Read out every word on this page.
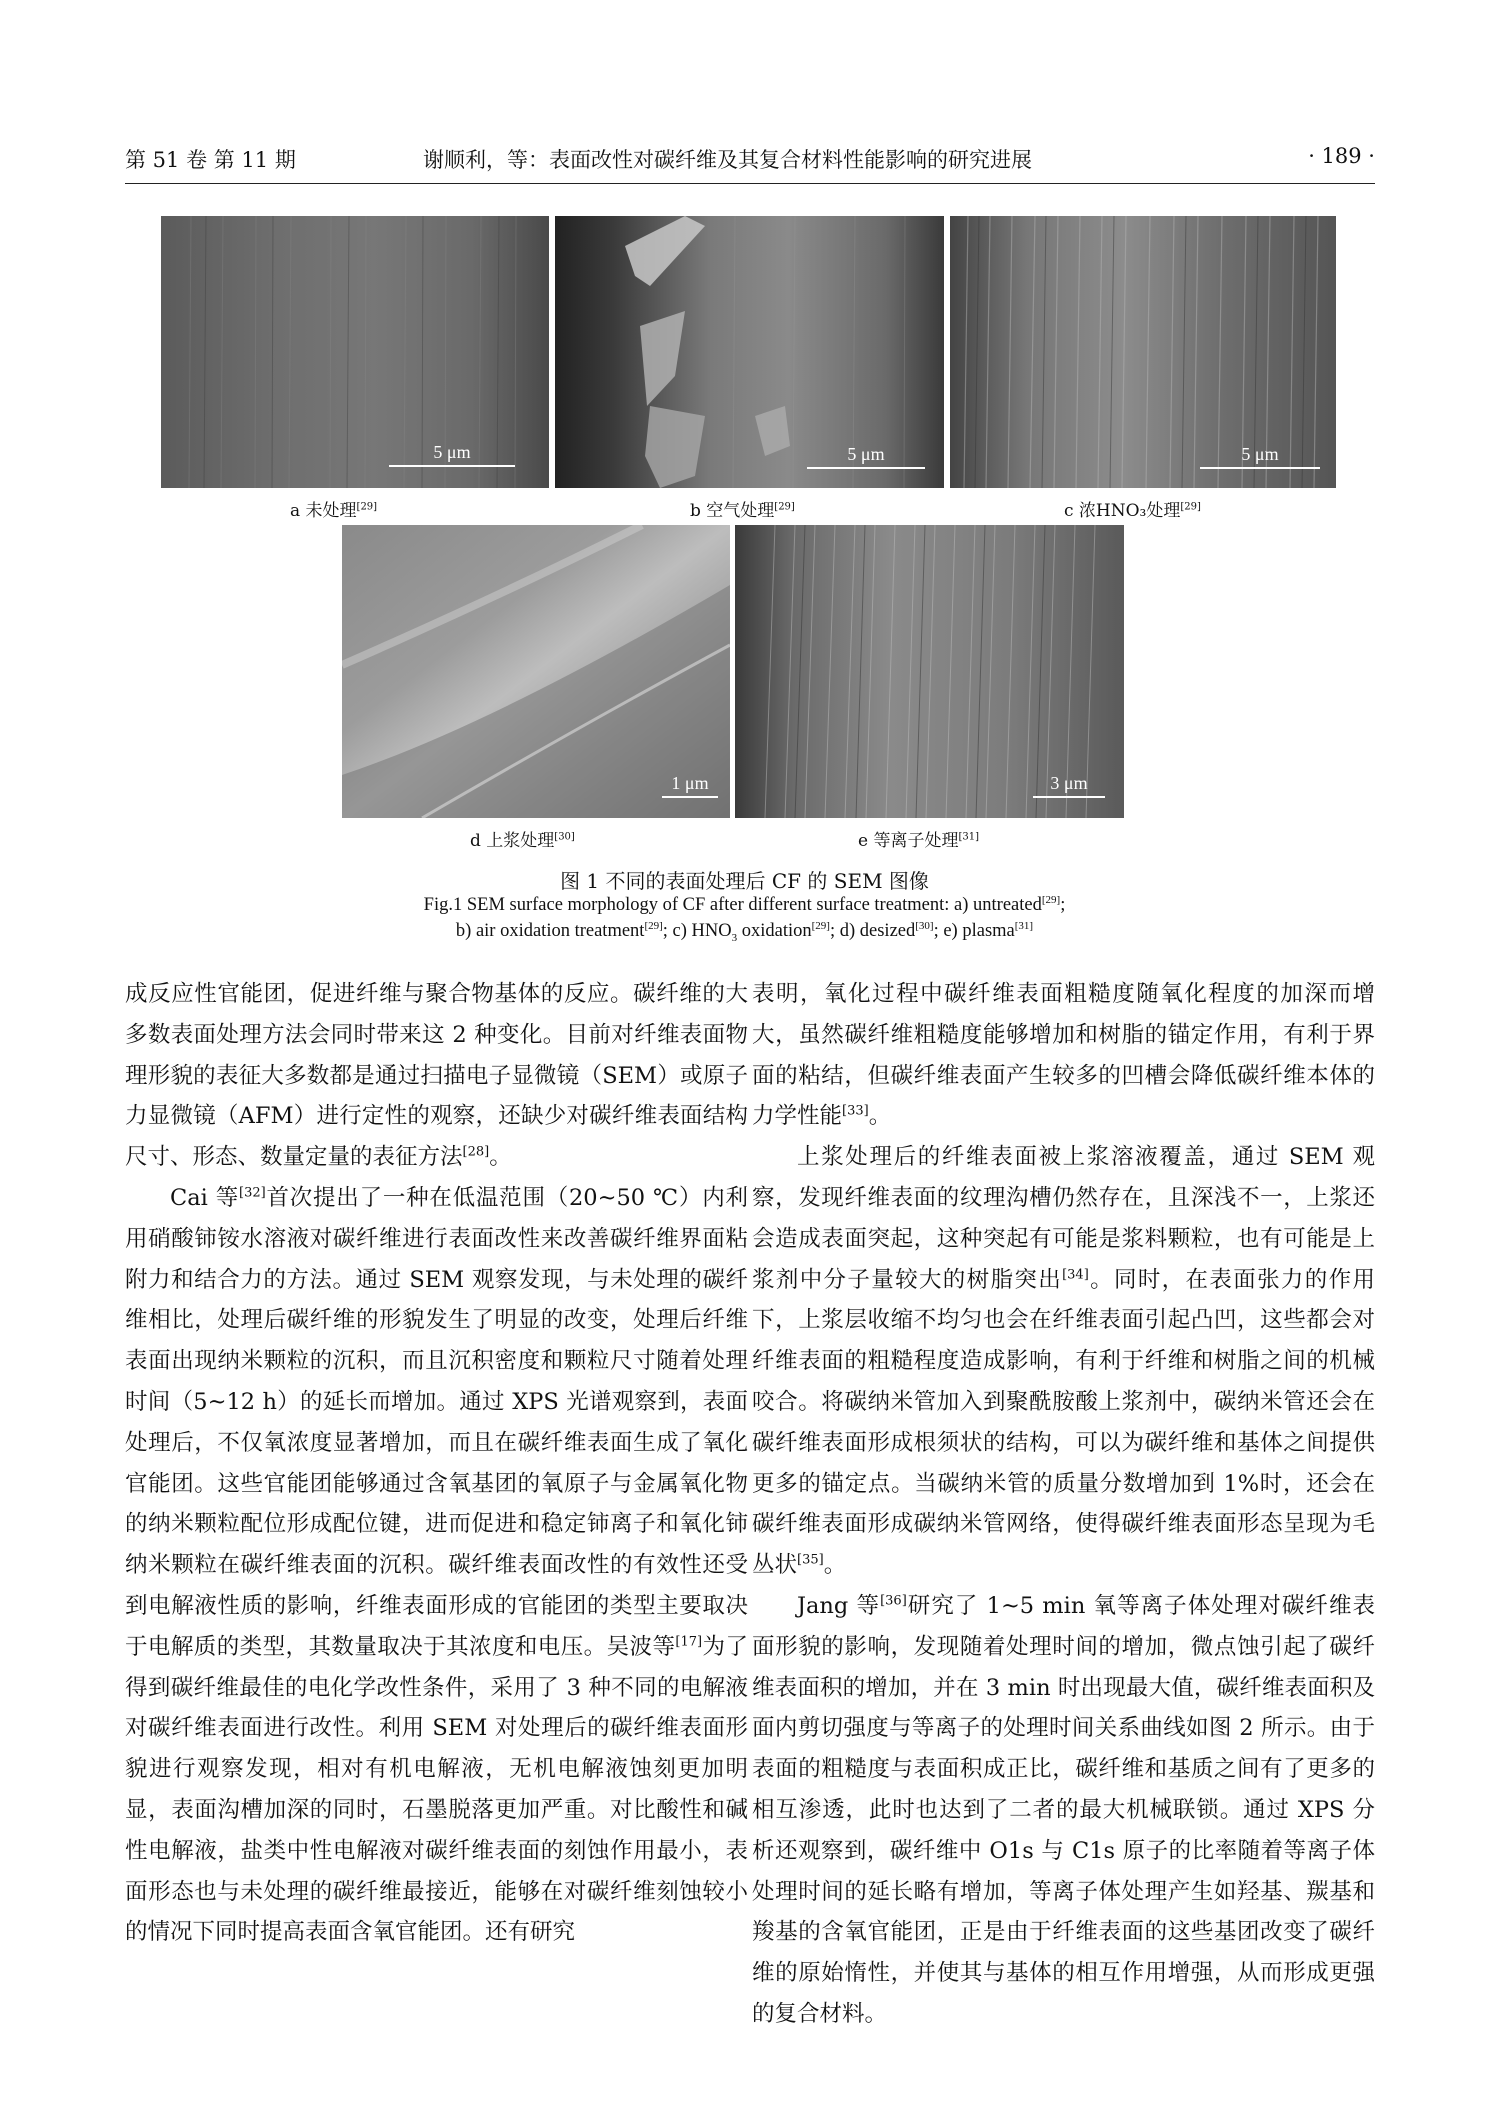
第 51 卷 第 11 期	谢顺利，等：表面改性对碳纤维及其复合材料性能影响的研究进展	· 189 ·
5 μm	5 μm	5 μm
a 未处理[29]	b 空气处理[29]	c 浓HNO₃处理[29]
1 μm	3 μm
d 上浆处理[30]	e 等离子处理[31]
图 1 不同的表面处理后 CF 的 SEM 图像
Fig.1 SEM surface morphology of CF after different surface treatment: a) untreated[29];
b) air oxidation treatment[29]; c) $HNO_3$ oxidation[29]; d) desized[30]; e) plasma[31]

成反应性官能团，促进纤维与聚合物基体的反应。碳纤维的大多数表面处理方法会同时带来这 2 种变化。目前对纤维表面物理形貌的表征大多数都是通过扫描电子显微镜（SEM）或原子力显微镜（AFM）进行定性的观察，还缺少对碳纤维表面结构尺寸、形态、数量定量的表征方法[28]。

Cai 等[32]首次提出了一种在低温范围（20~50 ℃）内利用硝酸铈铵水溶液对碳纤维进行表面改性来改善碳纤维界面粘附力和结合力的方法。通过 SEM 观察发现，与未处理的碳纤维相比，处理后碳纤维的形貌发生了明显的改变，处理后纤维表面出现纳米颗粒的沉积，而且沉积密度和颗粒尺寸随着处理时间（5~12 h）的延长而增加。通过 XPS 光谱观察到，表面处理后，不仅氧浓度显著增加，而且在碳纤维表面生成了氧化官能团。这些官能团能够通过含氧基团的氧原子与金属氧化物的纳米颗粒配位形成配位键，进而促进和稳定铈离子和氧化铈纳米颗粒在碳纤维表面的沉积。碳纤维表面改性的有效性还受到电解液性质的影响，纤维表面形成的官能团的类型主要取决于电解质的类型，其数量取决于其浓度和电压。吴波等[17]为了得到碳纤维最佳的电化学改性条件，采用了 3 种不同的电解液对碳纤维表面进行改性。利用 SEM 对处理后的碳纤维表面形貌进行观察发现，相对有机电解液，无机电解液蚀刻更加明显，表面沟槽加深的同时，石墨脱落更加严重。对比酸性和碱性电解液，盐类中性电解液对碳纤维表面的刻蚀作用最小，表面形态也与未处理的碳纤维最接近，能够在对碳纤维刻蚀较小的情况下同时提高表面含氧官能团。还有研究

表明，氧化过程中碳纤维表面粗糙度随氧化程度的加深而增大，虽然碳纤维粗糙度能够增加和树脂的锚定作用，有利于界面的粘结，但碳纤维表面产生较多的凹槽会降低碳纤维本体的力学性能[33]。

上浆处理后的纤维表面被上浆溶液覆盖，通过 SEM 观察，发现纤维表面的纹理沟槽仍然存在，且深浅不一，上浆还会造成表面突起，这种突起有可能是浆料颗粒，也有可能是上浆剂中分子量较大的树脂突出[34]。同时，在表面张力的作用下，上浆层收缩不均匀也会在纤维表面引起凸凹，这些都会对纤维表面的粗糙程度造成影响，有利于纤维和树脂之间的机械咬合。将碳纳米管加入到聚酰胺酸上浆剂中，碳纳米管还会在碳纤维表面形成根须状的结构，可以为碳纤维和基体之间提供更多的锚定点。当碳纳米管的质量分数增加到 1%时，还会在碳纤维表面形成碳纳米管网络，使得碳纤维表面形态呈现为毛丛状[35]。

Jang 等[36]研究了 1~5 min 氧等离子体处理对碳纤维表面形貌的影响，发现随着处理时间的增加，微点蚀引起了碳纤维表面积的增加，并在 3 min 时出现最大值，碳纤维表面积及面内剪切强度与等离子的处理时间关系曲线如图 2 所示。由于表面的粗糙度与表面积成正比，碳纤维和基质之间有了更多的相互渗透，此时也达到了二者的最大机械联锁。通过 XPS 分析还观察到，碳纤维中 O1s 与 C1s 原子的比率随着等离子体处理时间的延长略有增加，等离子体处理产生如羟基、羰基和羧基的含氧官能团，正是由于纤维表面的这些基团改变了碳纤维的原始惰性，并使其与基体的相互作用增强，从而形成更强的复合材料。
